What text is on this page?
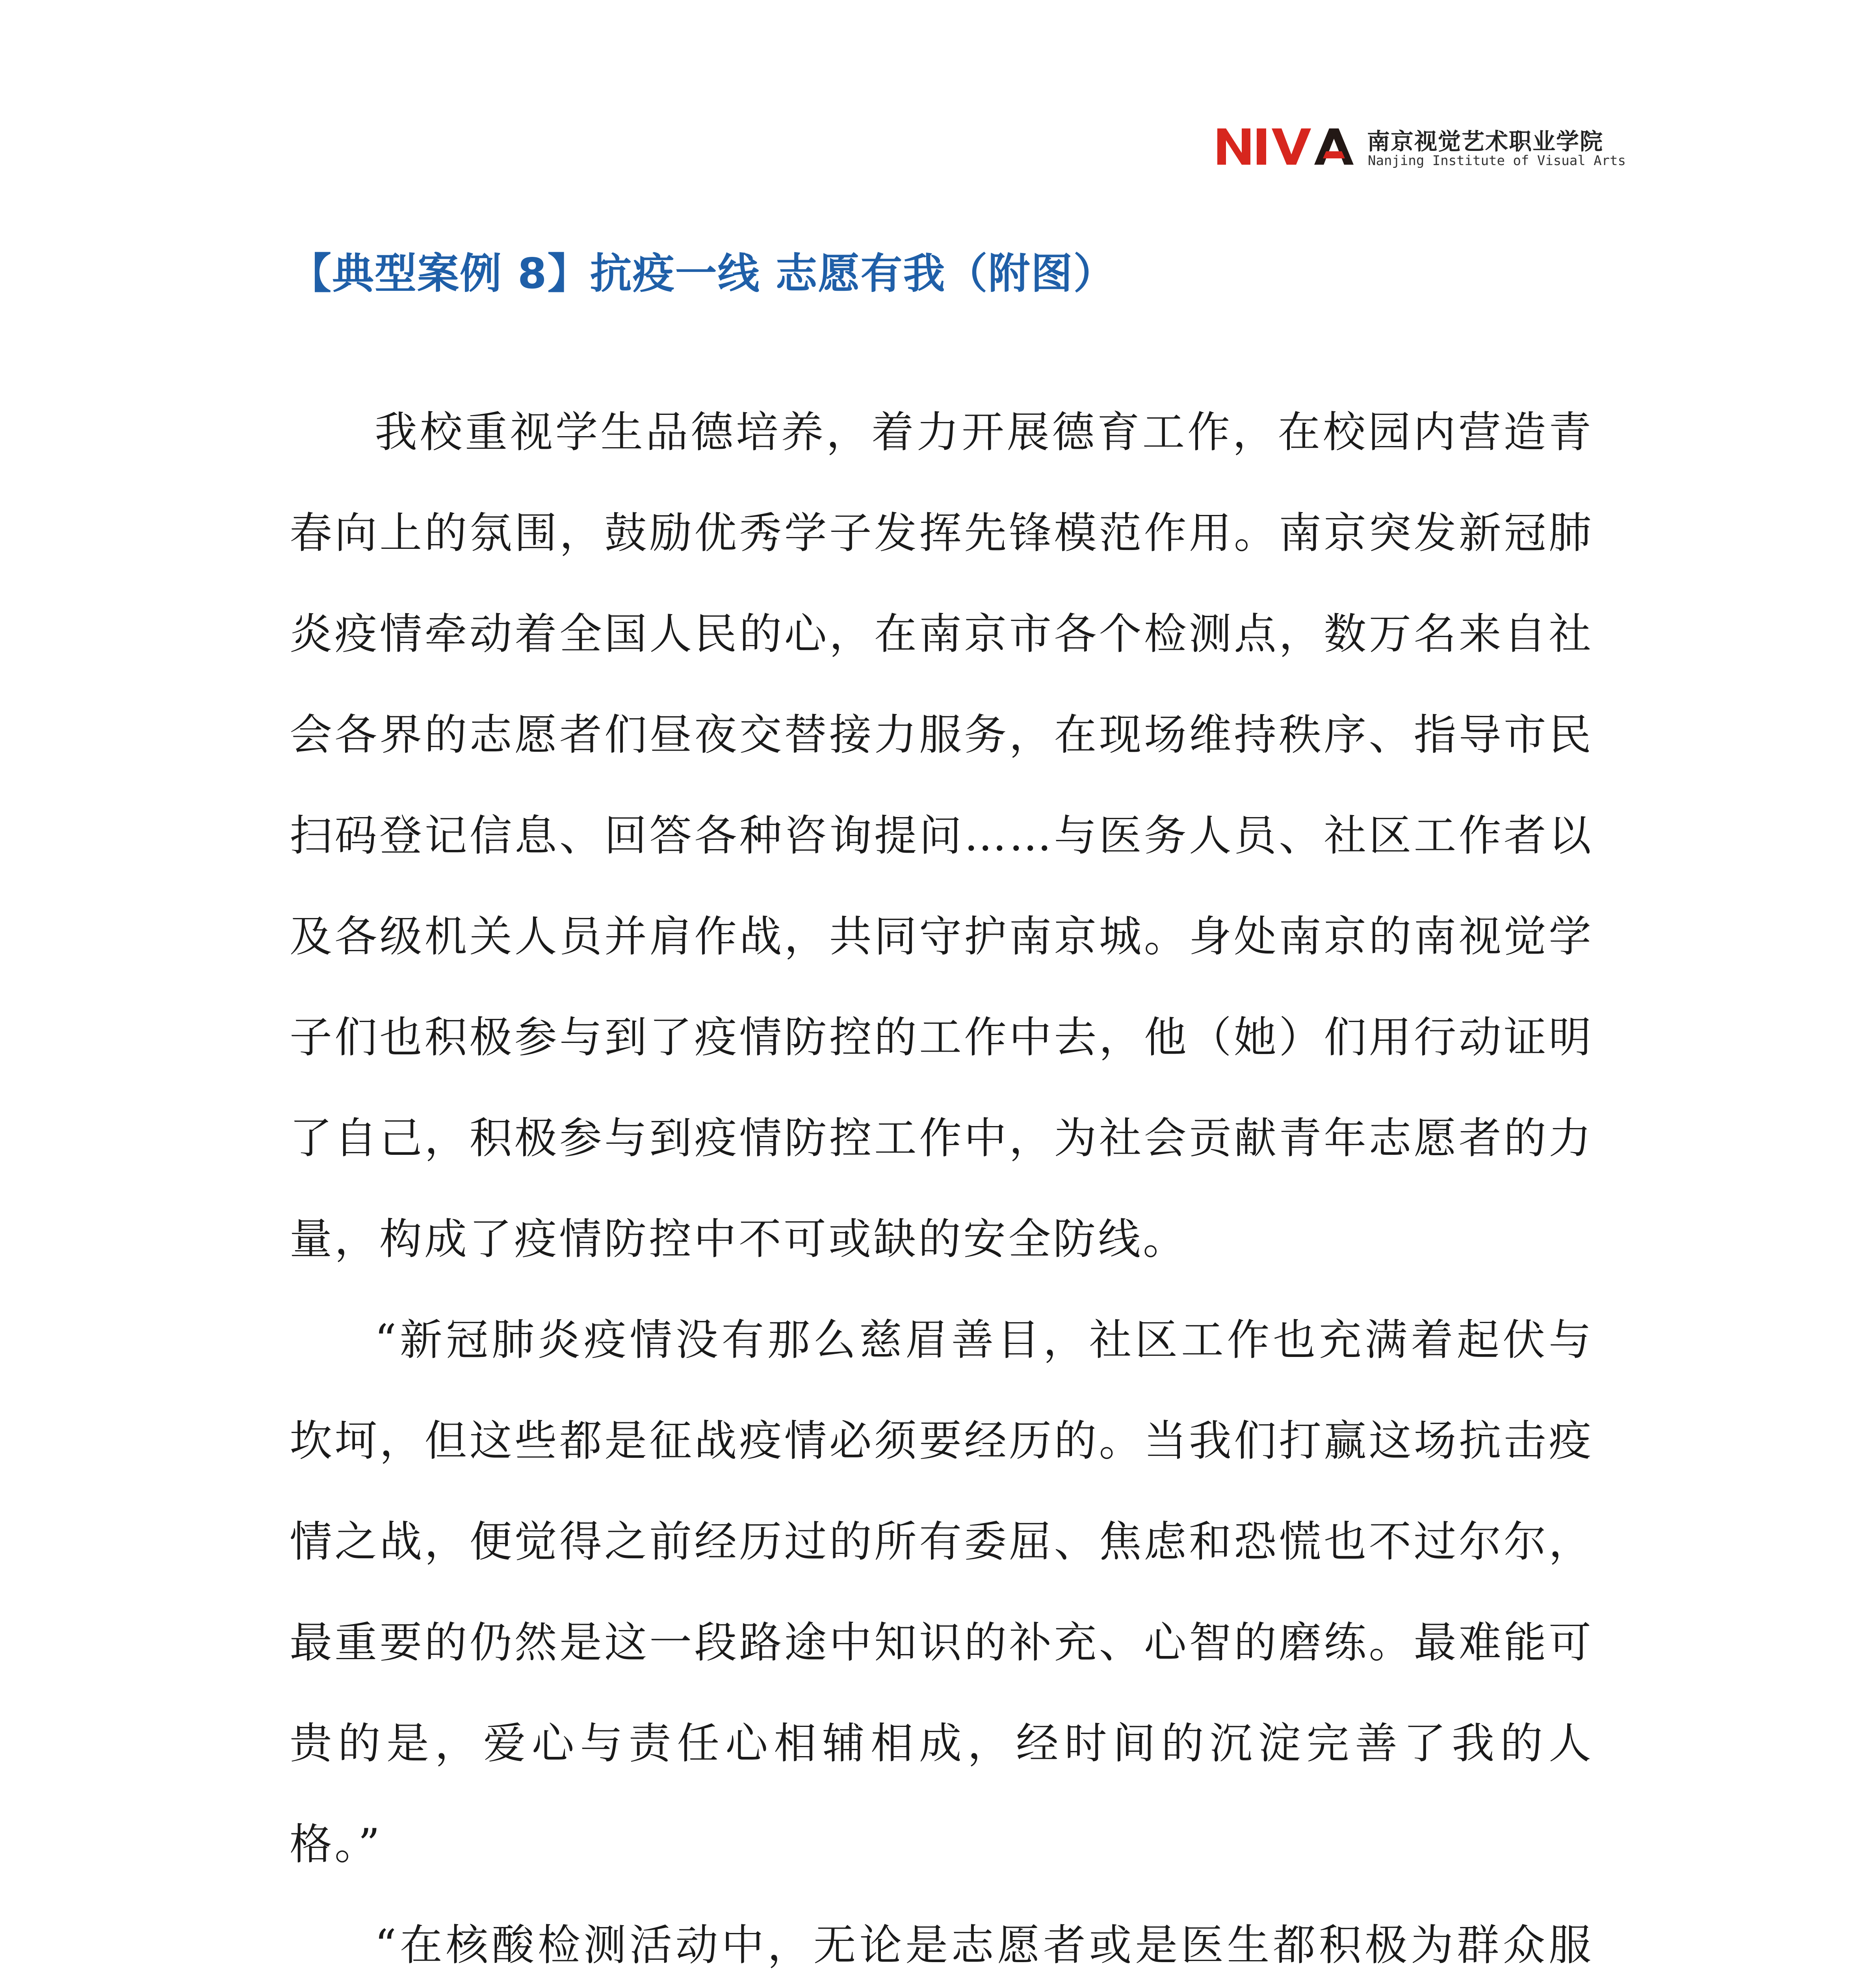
南京视觉艺术职业学院
Nanjing Institute of Visual Arts
【典型案例 8】抗疫一线 志愿有我（附图）

我校重视学生品德培养，着力开展德育工作，在校园内营造青春向上的氛围，鼓励优秀学子发挥先锋模范作用。南京突发新冠肺炎疫情牵动着全国人民的心，在南京市各个检测点，数万名来自社会各界的志愿者们昼夜交替接力服务，在现场维持秩序、指导市民扫码登记信息、回答各种咨询提问……与医务人员、社区工作者以及各级机关人员并肩作战，共同守护南京城。身处南京的南视觉学子们也积极参与到了疫情防控的工作中去，他（她）们用行动证明了自己，积极参与到疫情防控工作中，为社会贡献青年志愿者的力量，构成了疫情防控中不可或缺的安全防线。

“新冠肺炎疫情没有那么慈眉善目，社区工作也充满着起伏与坎坷，但这些都是征战疫情必须要经历的。当我们打赢这场抗击疫情之战，便觉得之前经历过的所有委屈、焦虑和恐慌也不过尔尔，最重要的仍然是这一段路途中知识的补充、心智的磨练。最难能可贵的是，爱心与责任心相辅相成，经时间的沉淀完善了我的人格。”

“在核酸检测活动中，无论是志愿者或是医生都积极为群众服
